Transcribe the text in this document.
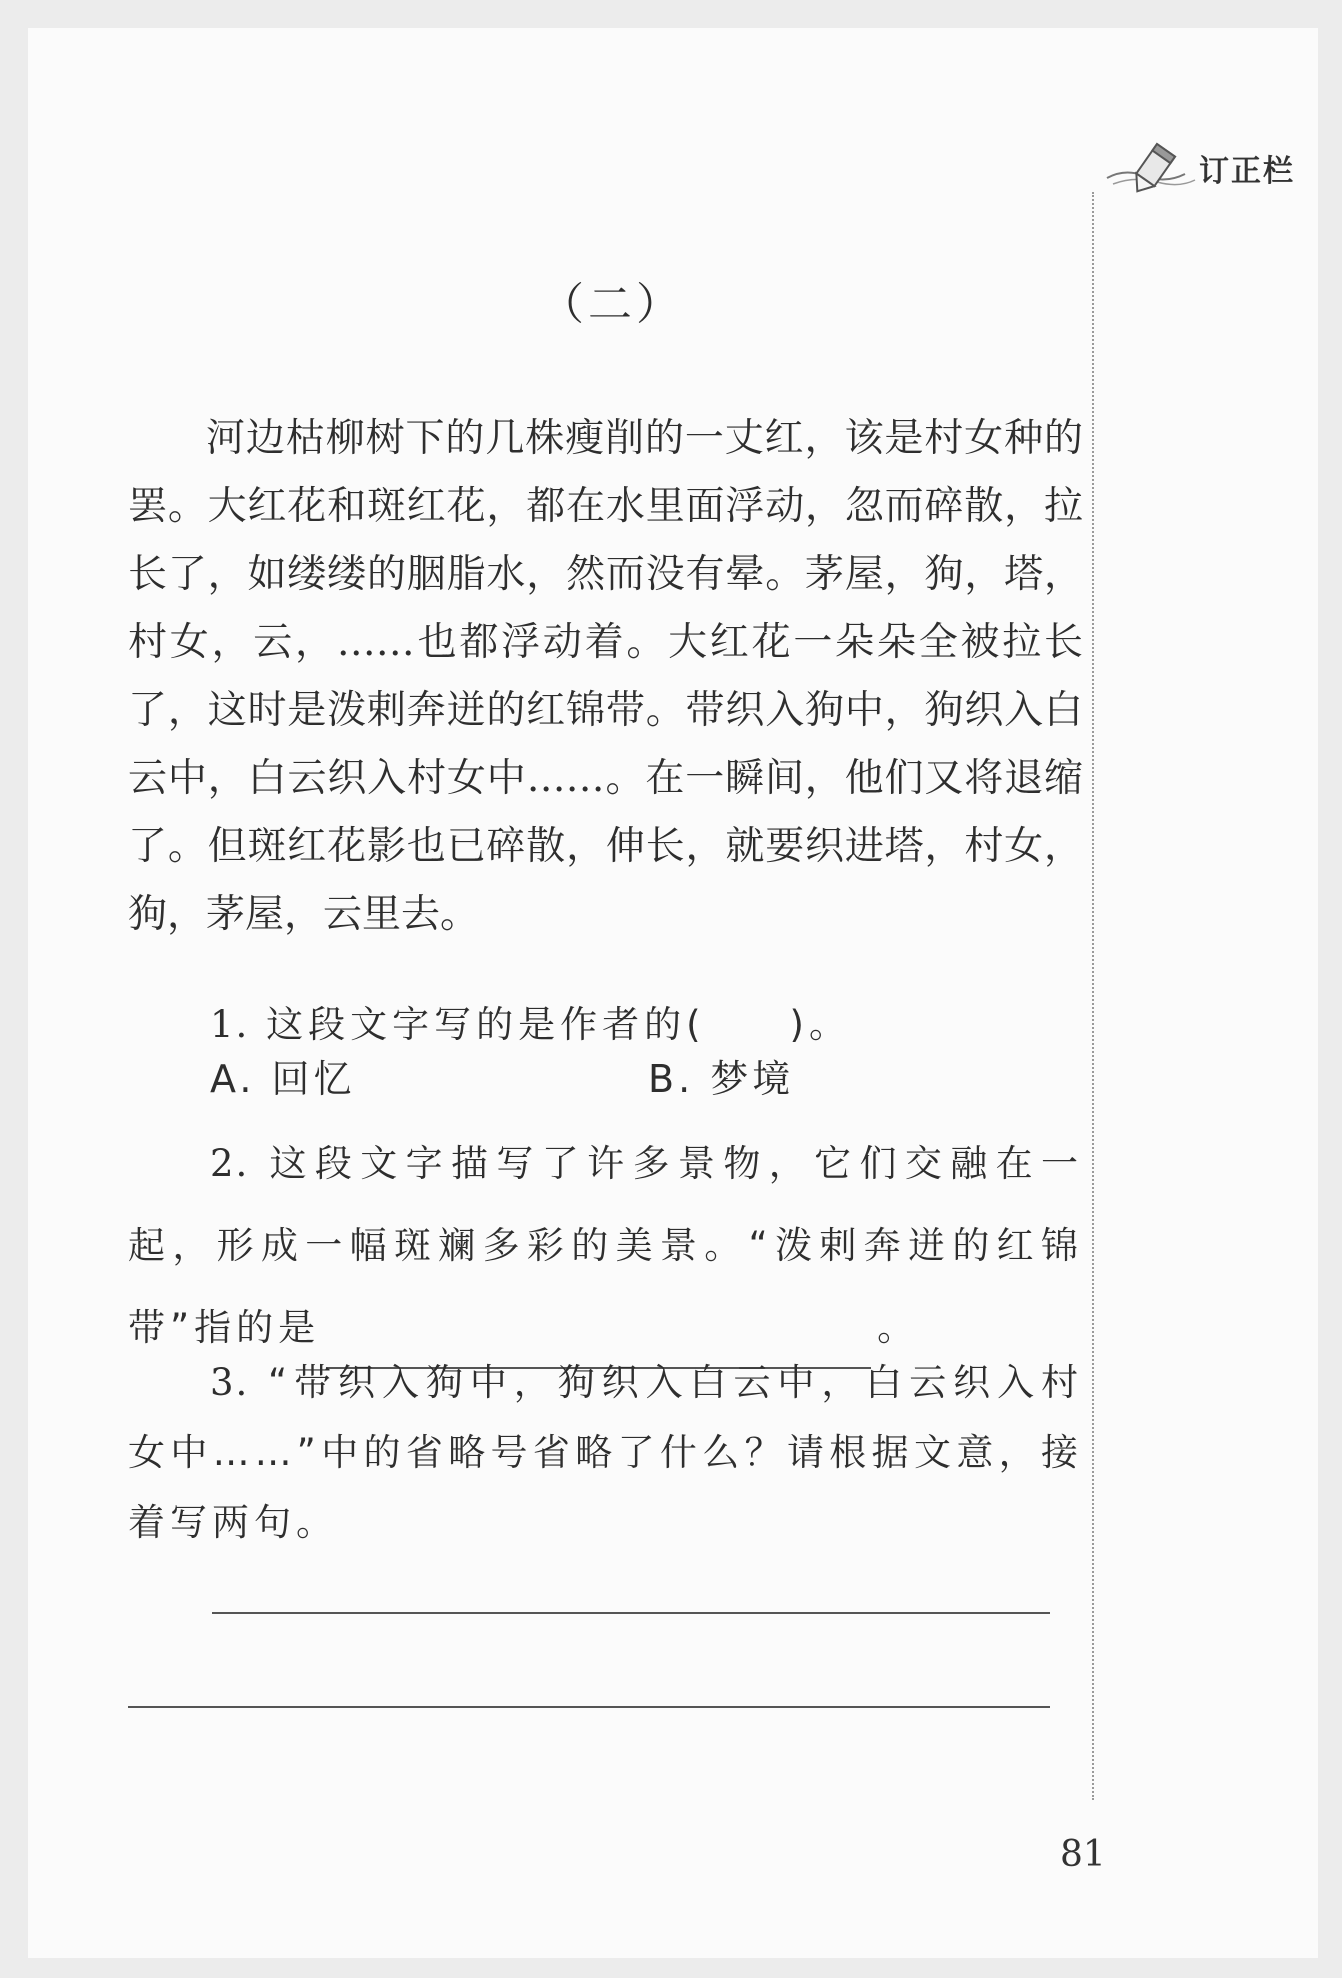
订正栏
（二）

河边枯柳树下的几株瘦削的一丈红，该是村女种的罢。大红花和斑红花，都在水里面浮动，忽而碎散，拉长了，如缕缕的胭脂水，然而没有晕。茅屋，狗，塔，村女，云，……也都浮动着。大红花一朵朵全被拉长了，这时是泼剌奔迸的红锦带。带织入狗中，狗织入白云中，白云织入村女中……。在一瞬间，他们又将退缩了。但斑红花影也已碎散，伸长，就要织进塔，村女，狗，茅屋，云里去。

1. 这段文字写的是作者的(　　)。

A. 回忆	B. 梦境

2. 这段文字描写了许多景物，它们交融在一起，形成一幅斑斓多彩的美景。“泼剌奔迸的红锦带”指的是	。

3. “带织入狗中，狗织入白云中，白云织入村女中……”中的省略号省略了什么？请根据文意，接着写两句。

81
